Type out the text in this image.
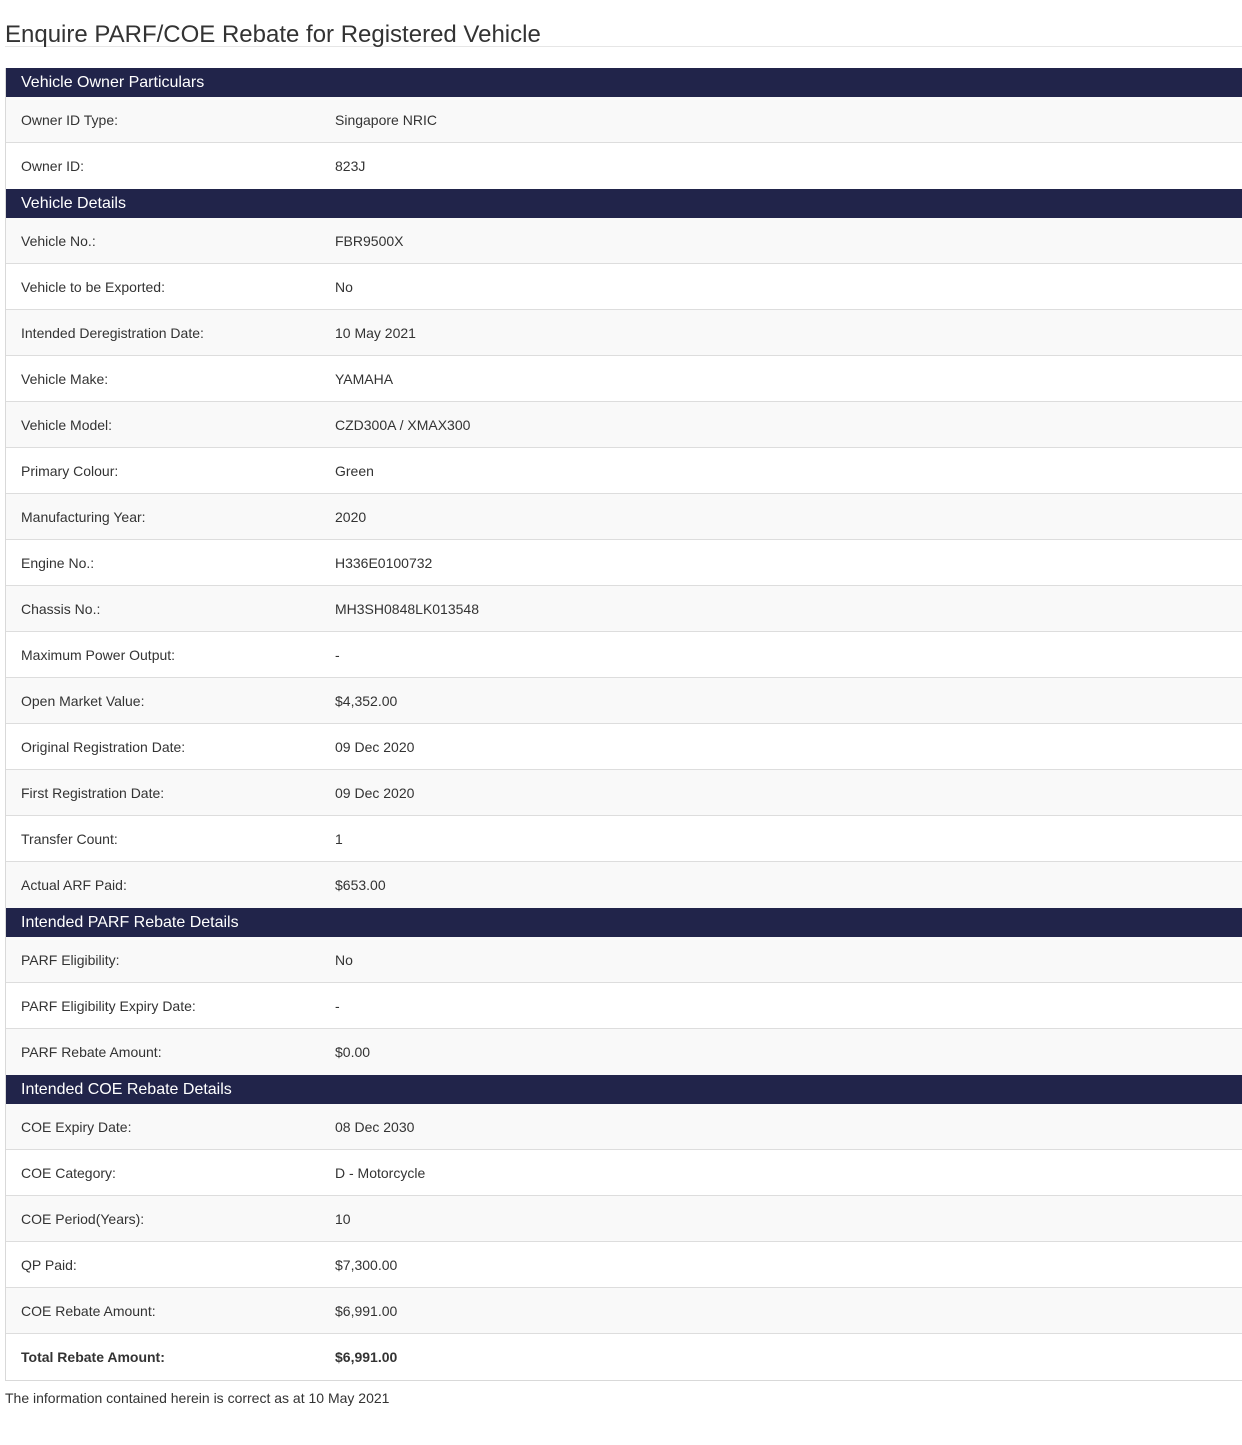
Enquire PARF/COE Rebate for Registered Vehicle
Vehicle Owner Particulars
Owner ID Type:	Singapore NRIC
Owner ID:	823J
Vehicle Details
Vehicle No.:	FBR9500X
Vehicle to be Exported:	No
Intended Deregistration Date:	10 May 2021
Vehicle Make:	YAMAHA
Vehicle Model:	CZD300A / XMAX300
Primary Colour:	Green
Manufacturing Year:	2020
Engine No.:	H336E0100732
Chassis No.:	MH3SH0848LK013548
Maximum Power Output:	-
Open Market Value:	$4,352.00
Original Registration Date:	09 Dec 2020
First Registration Date:	09 Dec 2020
Transfer Count:	1
Actual ARF Paid:	$653.00
Intended PARF Rebate Details
PARF Eligibility:	No
PARF Eligibility Expiry Date:	-
PARF Rebate Amount:	$0.00
Intended COE Rebate Details
COE Expiry Date:	08 Dec 2030
COE Category:	D - Motorcycle
COE Period(Years):	10
QP Paid:	$7,300.00
COE Rebate Amount:	$6,991.00
Total Rebate Amount:	$6,991.00
The information contained herein is correct as at 10 May 2021
